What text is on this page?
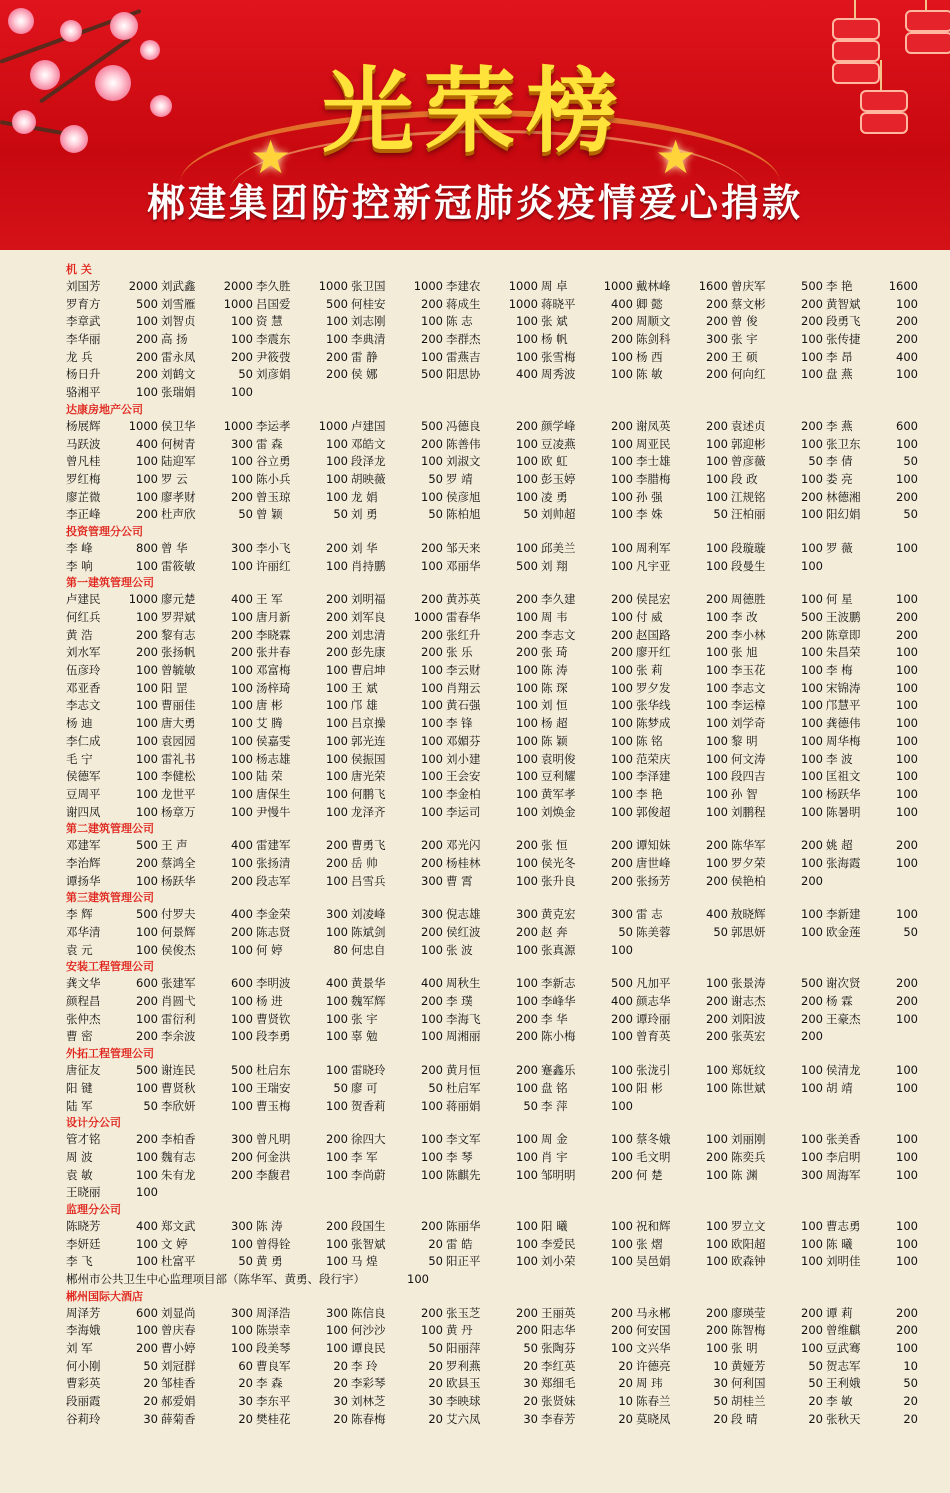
★	★
光荣榜
郴建集团防控新冠肺炎疫情爱心捐款
机 关
刘国芳	2000 刘武鑫	2000 李久胜	1000 张卫国	1000 李建农	1000 周 卓	1000 戴林峰	1600 曾庆军	500 李 艳	1600
罗育方	500 刘雪雁	1000 吕国爱	500 何桂安	200 蒋成生	1000 蒋晓平	400 卿 懿	200 蔡文彬	200 黄智斌	100
李章武	100 刘智贞	100 资 慧	100 刘志刚	100 陈 志	100 张 斌	200 周顺文	200 曾 俊	200 段勇飞	200
李华丽	200 高 扬	100 李震东	100 李典清	200 李群杰	100 杨 帆	200 陈剑科	300 张 宇	100 张传捷	200
龙 兵	200 雷永凤	200 尹筱弢	200 雷 静	100 雷燕吉	100 张雪梅	100 杨 西	200 王 硕	100 李 昂	400
杨日升	200 刘鹤文	50 刘彦娟	200 侯 娜	500 阳思协	400 周秀波	100 陈 敏	200 何向红	100 盘 燕	100
骆湘平	100 张瑞娟	100
达康房地产公司
杨展辉	1000 侯卫华	1000 李运孝	1000 卢建国	500 冯德良	200 颜学峰	200 谢凤英	200 袁述贞	200 李 燕	600
马跃波	400 何树青	300 雷 森	100 邓皓文	200 陈善伟	100 豆凌燕	100 周亚民	100 郭迎彬	100 张卫东	100
曾凡桂	100 陆迎军	100 谷立勇	100 段泽龙	100 刘淑文	100 欧 虹	100 李士雄	100 曾彦薇	50 李 倩	50
罗红梅	100 罗 云	100 陈小兵	100 胡映薇	50 罗 靖	100 彭玉婷	100 李腊梅	100 段 政	100 娄 亮	100
廖芷微	100 廖孝财	200 曾玉琼	100 龙 娟	100 侯彦旭	100 凌 勇	100 孙 强	100 江规铭	200 林德湘	200
李正峰	200 杜声欣	50 曾 颖	50 刘 勇	50 陈柏旭	50 刘帅超	100 李 姝	50 汪柏丽	100 阳幻娟	50
投资管理分公司
李 峰	800 曾 华	300 李小飞	200 刘 华	200 邹天来	100 邱美兰	100 周利军	100 段璇璇	100 罗 薇	100
李 响	100 雷筱敏	100 许丽红	100 肖持鹏	100 邓丽华	500 刘 翔	100 凡宇亚	100 段曼生	100
第一建筑管理公司
卢建民	1000 廖元楚	400 王 军	200 刘明福	200 黄苏英	200 李久建	200 侯昆宏	200 周德胜	100 何 星	100
何红兵	100 罗羿斌	100 唐月新	200 刘军良	1000 雷春华	100 周 韦	100 付 威	100 李 改	500 王波鹏	200
黄 浩	200 黎有志	200 李晓霖	200 刘忠清	200 张红升	200 李志文	200 赵国路	200 李小林	200 陈章即	200
刘水军	200 张扬帆	200 张井春	200 彭先康	200 张 乐	200 张 琦	200 廖开红	100 张 旭	100 朱昌荣	100
伍彦玲	100 曾毓敏	100 邓富梅	100 曹启坤	100 李云财	100 陈 涛	100 张 莉	100 李玉花	100 李 梅	100
邓亚香	100 阳 罡	100 汤梓琦	100 王 斌	100 肖翔云	100 陈 琛	100 罗夕发	100 李志文	100 宋锦涛	100
李志文	100 曹丽佳	100 唐 彬	100 邝 雄	100 黄石强	100 刘 恒	100 张华线	100 李运樟	100 邝慧平	100
杨 迪	100 唐大勇	100 艾 腾	100 吕京操	100 李 锋	100 杨 超	100 陈梦成	100 刘学奇	100 龚德伟	100
李仁成	100 袁园园	100 侯嘉雯	100 郭光连	100 邓媚芬	100 陈 颖	100 陈 铭	100 黎 明	100 周华梅	100
毛 宁	100 雷礼书	100 杨志雄	100 侯振国	100 刘小建	100 袁明俊	100 范荣庆	100 何文涛	100 李 波	100
侯德军	100 李健松	100 陆 荣	100 唐光荣	100 王会安	100 豆利耀	100 李泽建	100 段四吉	100 匡祖文	100
豆周平	100 龙世平	100 唐保生	100 何鹏飞	100 李金柏	100 黄军孝	100 李 艳	100 孙 智	100 杨跃华	100
谢四凤	100 杨章万	100 尹慢牛	100 龙泽齐	100 李运司	100 刘焕金	100 郭俊超	100 刘鹏程	100 陈暑明	100
第二建筑管理公司
邓建军	500 王 声	400 雷建军	200 曹勇飞	200 邓光闪	200 张 恒	200 谭知妹	200 陈华军	200 姚 超	200
李治辉	200 蔡鸿全	100 张扬清	200 岳 帅	200 杨桂林	100 侯光冬	200 唐世峰	100 罗夕荣	100 张海霞	100
谭扬华	100 杨跃华	200 段志军	100 吕雪兵	300 曹 霄	100 张升良	200 张扬芳	200 侯艳柏	200
第三建筑管理公司
李 辉	500 付罗夫	400 李金荣	300 刘凌峰	300 倪志雄	300 黄克宏	300 雷 志	400 敖晓辉	100 李新建	100
邓华清	100 何景辉	200 陈志贤	100 陈斌剑	200 侯红波	200 赵 奔	50 陈美蓉	50 郭思妍	100 欧金莲	50
袁 元	100 侯俊杰	100 何 婷	80 何忠自	100 张 波	100 张真源	100
安装工程管理公司
龚文华	600 张建军	600 李明波	400 黄景华	400 周秋生	100 李新志	500 凡加平	100 张景涛	500 谢次贤	200
颜程昌	200 肖圆弋	100 杨 进	100 魏军辉	200 李 璞	100 李峰华	400 颜志华	200 谢志杰	200 杨 霖	200
张仲杰	100 雷衍利	100 曹贤钦	100 张 宇	100 李海飞	200 李 华	200 谭玲丽	200 刘阳波	200 王豪杰	100
曹 密	200 李余波	100 段李勇	100 辜 勉	100 周湘丽	200 陈小梅	100 曾育英	200 张英宏	200
外拓工程管理公司
唐征友	500 谢连民	500 杜启东	100 雷晓玲	200 黄月恒	200 蹇鑫乐	100 张泷引	100 郑妩纹	100 侯清龙	100
阳 键	100 曹贤秋	100 王瑞安	50 廖 可	50 杜启军	100 盘 铭	100 阳 彬	100 陈世斌	100 胡 靖	100
陆 军	50 李欣妍	100 曹玉梅	100 贺香莉	100 蒋丽娟	50 李 萍	100
设计分公司
管才铭	200 李柏香	300 曾凡明	200 徐四大	100 李文军	100 周 金	100 蔡冬娥	100 刘丽刚	100 张美香	100
周 波	100 魏有志	200 何金洪	100 李 军	100 李 琴	100 肖 宇	100 毛文明	200 陈奕兵	100 李启明	100
袁 敏	100 朱有龙	200 李馥君	100 李尚蔚	100 陈麒先	100 邹明明	200 何 楚	100 陈 渊	300 周海军	100
王晓丽	100
监理分公司
陈晓芳	400 郑文武	300 陈 涛	200 段国生	200 陈丽华	100 阳 曦	100 祝和辉	100 罗立文	100 曹志勇	100
李妍廷	100 文 婷	100 曾得铨	100 张智斌	20 雷 皓	100 李爱民	100 张 熠	100 欧阳超	100 陈 曦	100
李 飞	100 杜富平	50 黄 勇	100 马 煌	50 阳正平	100 刘小荣	100 吴邑娟	100 欧森钟	100 刘明佳	100
郴州市公共卫生中心监理项目部（陈华军、黄勇、段行宇）	100
郴州国际大酒店
周泽芳	600 刘显尚	300 周泽浩	300 陈信良	200 张玉芝	200 王丽英	200 马永郴	200 廖瑛莹	200 谭 莉	200
李海娥	100 曾庆春	100 陈崇幸	100 何沙沙	100 黄 丹	200 阳志华	200 何安国	200 陈智梅	200 曾维麒	200
刘 军	200 曹小婷	100 段美琴	100 谭良民	50 阳丽萍	50 张陶芬	100 文兴华	100 张 明	100 豆武骞	100
何小刚	50 刘冠群	60 曹良军	20 李 玲	20 罗利燕	20 李红英	20 许德亮	10 黄娅芳	50 贺志军	10
曹彩英	20 邹桂香	20 李 森	20 李彩琴	20 欧县玉	30 郑细毛	20 周 玮	30 何利国	50 王利娥	50
段丽霞	20 郝爱娟	30 李东平	30 刘林芝	30 李映球	20 张贤妹	10 陈春兰	50 胡桂兰	20 李 敏	20
谷莉玲	30 薛菊香	20 樊桂花	20 陈春梅	20 艾六凤	30 李春芳	20 莫晓凤	20 段 晴	20 张秋天	20
